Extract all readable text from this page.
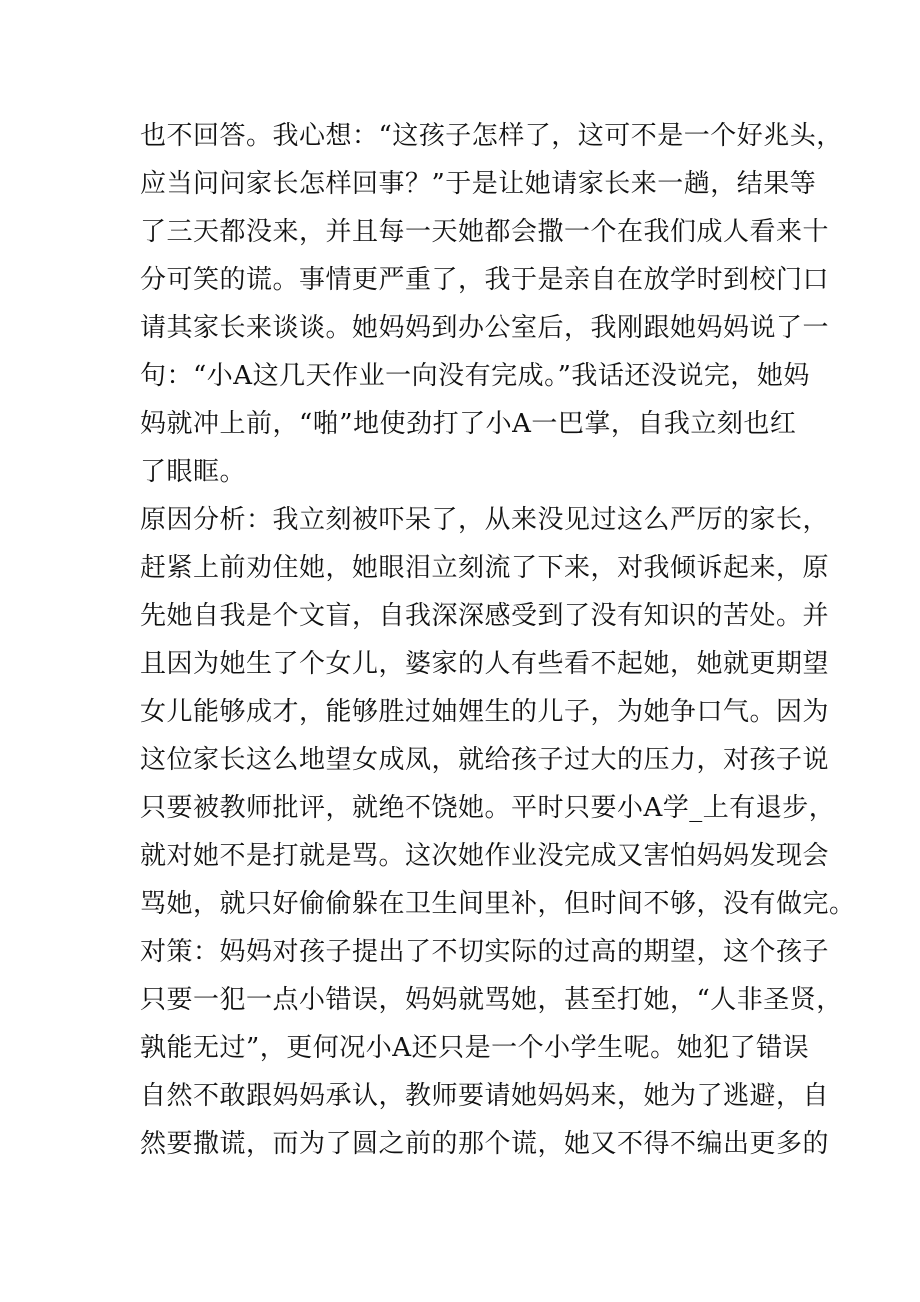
也不回答。我心想：“这孩子怎样了，这可不是一个好兆头，
应当问问家长怎样回事？”于是让她请家长来一趟，结果等
了三天都没来，并且每一天她都会撒一个在我们成人看来十
分可笑的谎。事情更严重了，我于是亲自在放学时到校门口
请其家长来谈谈。她妈妈到办公室后，我刚跟她妈妈说了一
句：“小A这几天作业一向没有完成。”我话还没说完，她妈
妈就冲上前，“啪”地使劲打了小A一巴掌，自我立刻也红
了眼眶。
原因分析：我立刻被吓呆了，从来没见过这么严厉的家长，
赶紧上前劝住她，她眼泪立刻流了下来，对我倾诉起来，原
先她自我是个文盲，自我深深感受到了没有知识的苦处。并
且因为她生了个女儿，婆家的人有些看不起她，她就更期望
女儿能够成才，能够胜过妯娌生的儿子，为她争口气。因为
这位家长这么地望女成凤，就给孩子过大的压力，对孩子说
只要被教师批评，就绝不饶她。平时只要小A学_上有退步，
就对她不是打就是骂。这次她作业没完成又害怕妈妈发现会
骂她，就只好偷偷躲在卫生间里补，但时间不够，没有做完。
对策：妈妈对孩子提出了不切实际的过高的期望，这个孩子
只要一犯一点小错误，妈妈就骂她，甚至打她，“人非圣贤，
孰能无过”，更何况小A还只是一个小学生呢。她犯了错误
自然不敢跟妈妈承认，教师要请她妈妈来，她为了逃避，自
然要撒谎，而为了圆之前的那个谎，她又不得不编出更多的
